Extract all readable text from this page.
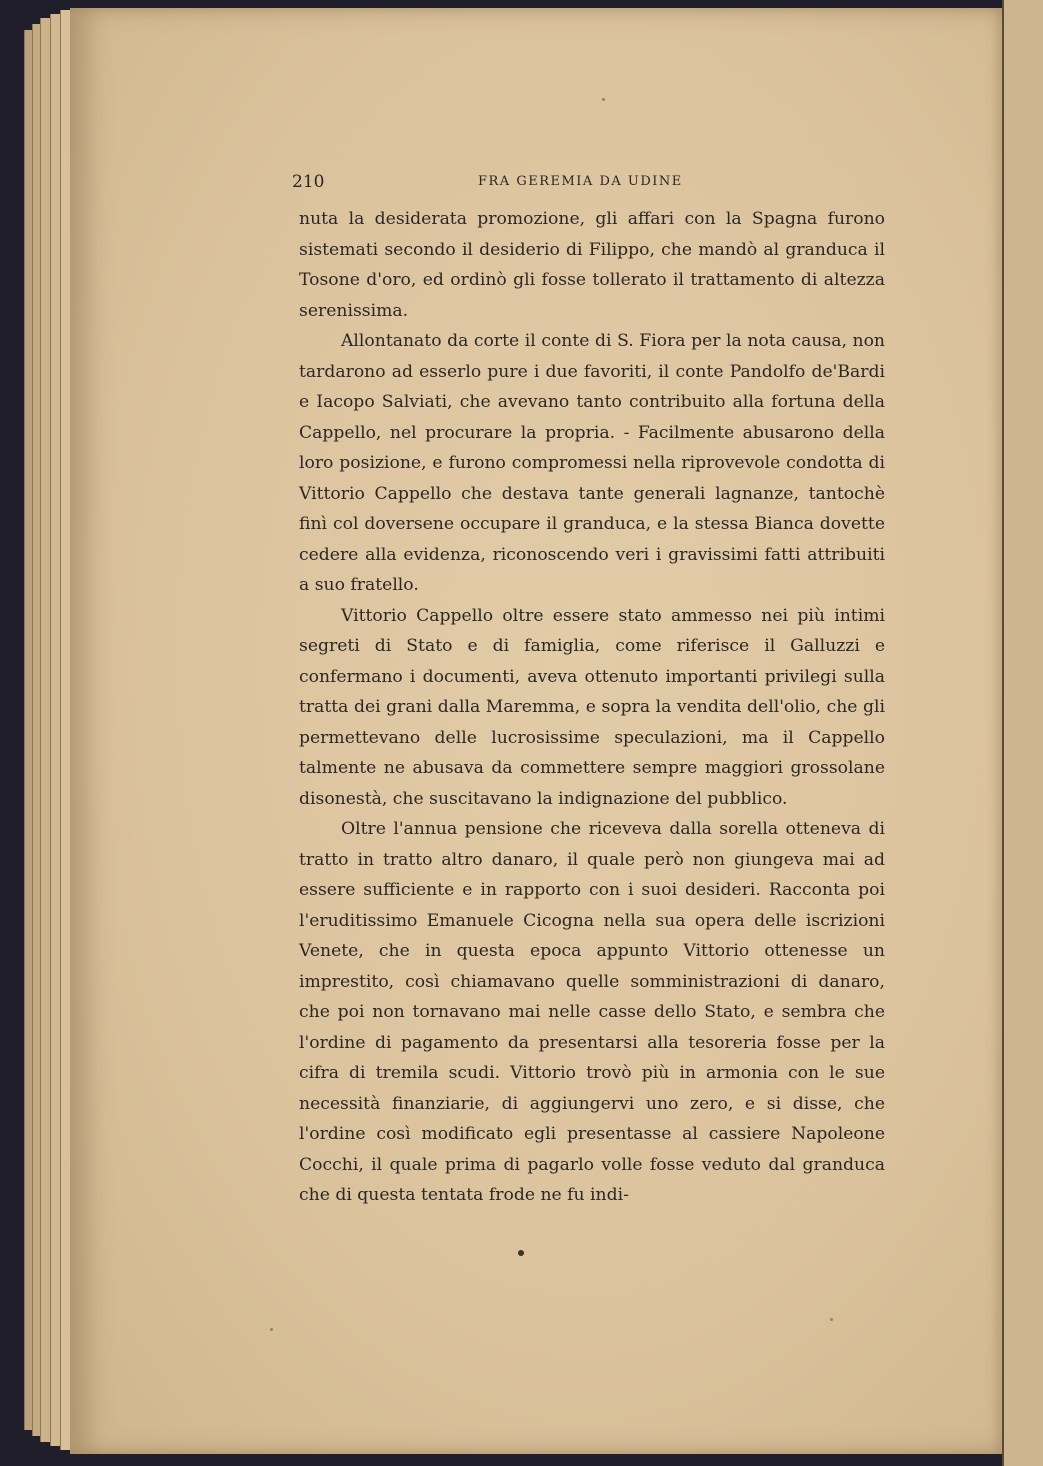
210	FRA GEREMIA DA UDINE

nuta la desiderata promozione, gli affari con la Spagna furono sistemati secondo il desiderio di Filippo, che mandò al granduca il Tosone d'oro, ed ordinò gli fosse tollerato il trattamento di altezza serenissima.

Allontanato da corte il conte di S. Fiora per la nota causa, non tardarono ad esserlo pure i due favoriti, il conte Pandolfo de'Bardi e Iacopo Salviati, che avevano tanto contribuito alla fortuna della Cappello, nel procurare la propria. - Facilmente abusarono della loro posizione, e furono compromessi nella riprovevole condotta di Vittorio Cappello che destava tante generali lagnanze, tantochè finì col doversene occupare il granduca, e la stessa Bianca dovette cedere alla evidenza, riconoscendo veri i gravissimi fatti attribuiti a suo fratello.

Vittorio Cappello oltre essere stato ammesso nei più intimi segreti di Stato e di famiglia, come riferisce il Galluzzi e confermano i documenti, aveva ottenuto importanti privilegi sulla tratta dei grani dalla Maremma, e sopra la vendita dell'olio, che gli permettevano delle lucrosissime speculazioni, ma il Cappello talmente ne abusava da commettere sempre maggiori grossolane disonestà, che suscitavano la indignazione del pubblico.

Oltre l'annua pensione che riceveva dalla sorella otteneva di tratto in tratto altro danaro, il quale però non giungeva mai ad essere sufficiente e in rapporto con i suoi desideri. Racconta poi l'eruditissimo Emanuele Cicogna nella sua opera delle iscrizioni Venete, che in questa epoca appunto Vittorio ottenesse un imprestito, così chiamavano quelle somministrazioni di danaro, che poi non tornavano mai nelle casse dello Stato, e sembra che l'ordine di pagamento da presentarsi alla tesoreria fosse per la cifra di tremila scudi. Vittorio trovò più in armonia con le sue necessità finanziarie, di aggiungervi uno zero, e si disse, che l'ordine così modificato egli presentasse al cassiere Napoleone Cocchi, il quale prima di pagarlo volle fosse veduto dal granduca che di questa tentata frode ne fu indi-
